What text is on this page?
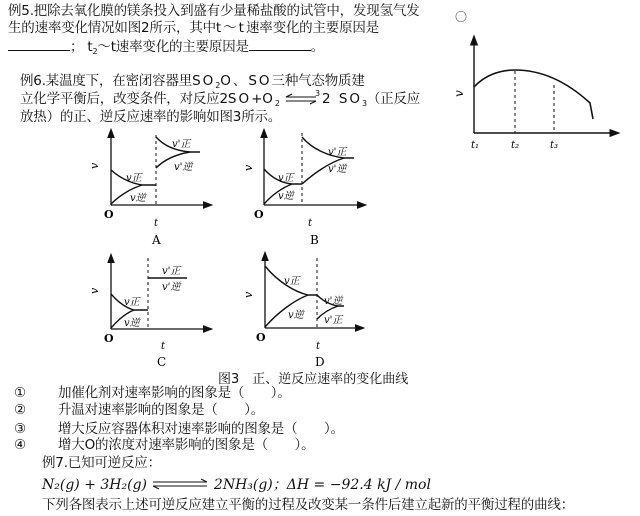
例5.把除去氧化膜的镁条投入到盛有少量稀盐酸的试管中，发现氢气发
生的速率变化情况如图2所示，其中t～t速率变化的主要原因是
； $t_2\sim t$速率变化的主要原因是	。
〇
v
t₁	t₂	t₃
例6.某温度下，在密闭容器里$SO_2O$、SO三种气态物质建
立化学平衡后，改变条件，对反应$2SO+O_2$
3 2 $SO_3$（正反应
放热）的正、逆反应速率的影响如图3所示。
v正
v逆
v'正
v'逆
v
O
t
A
v正
v逆
v'正
v'逆
v
O
t
B
v正
v逆
v'正
v'逆
v
O
t
C
v正
v逆
v'逆
v'正
v
O
t
D
图3　正、逆反应速率的变化曲线
① 加催化剂对速率影响的图象是（　　）。
② 升温对速率影响的图象是（　　）。
③ 增大反应容器体积对速率影响的图象是（　　）。
④ 增大O的浓度对速率影响的图象是（　　）。
例7.已知可逆反应：
N₂(g) + 3H₂(g)	2NH₃(g)；ΔH = −92.4 kJ / mol
下列各图表示上述可逆反应建立平衡的过程及改变某一条件后建立起新的平衡过程的曲线：
